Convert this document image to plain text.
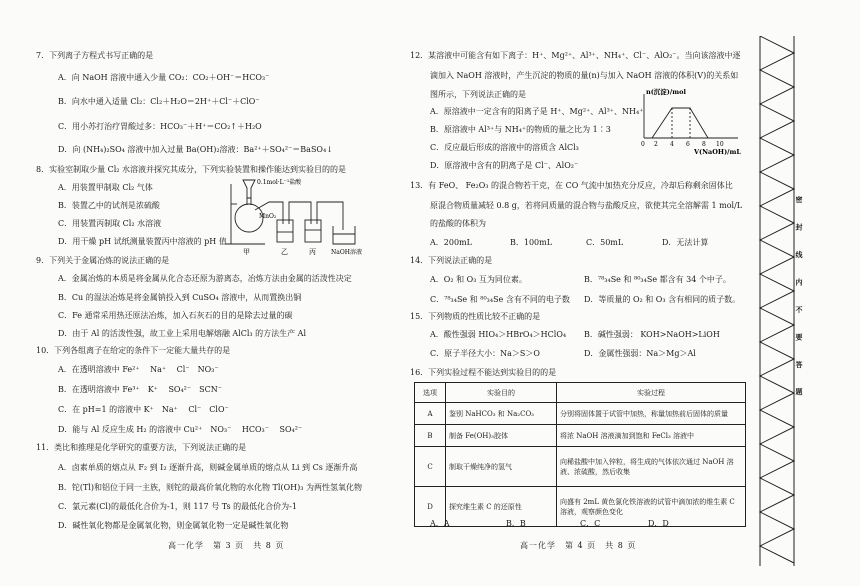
7．下列离子方程式书写正确的是
A．向 NaOH 溶液中通入少量 CO₂：CO₂＋OH⁻＝HCO₃⁻
B．向水中通入适量 Cl₂：Cl₂＋H₂O＝2H⁺＋Cl⁻＋ClO⁻
C．用小苏打治疗胃酸过多：HCO₃⁻＋H⁺＝CO₂↑＋H₂O
D．向 (NH₄)₂SO₄ 溶液中加入过量 Ba(OH)₂溶液：Ba²⁺＋SO₄²⁻＝BaSO₄↓
8．实验室制取少量 Cl₂ 水溶液并探究其成分，下列实验装置和操作能达到实验目的的是
A．用装置甲制取 Cl₂ 气体
B．装置乙中的试剂是浓硫酸
C．用装置丙制取 Cl₂ 水溶液
D．用干燥 pH 试纸测量装置丙中溶液的 pH 值
0.1mol·L⁻¹盐酸
MnO₂
甲	乙	丙	NaOH溶液
9．下列关于金属冶炼的说法正确的是
A．金属冶炼的本质是将金属从化合态还原为游离态，冶炼方法由金属的活泼性决定
B．Cu 的湿法冶炼是将金属钠投入到 CuSO₄ 溶液中，从而置换出铜
C．Fe 通常采用热还原法冶炼，加入石灰石的目的是除去过量的碳
D．由于 Al 的活泼性强，故工业上采用电解熔融 AlCl₃ 的方法生产 Al
10．下列各组离子在给定的条件下一定能大量共存的是
A．在透明溶液中 Fe²⁺　 Na⁺　 Cl⁻　NO₃⁻
B．在透明溶液中 Fe³⁺　K⁺　 SO₄²⁻　SCN⁻
C．在 pH=1 的溶液中 K⁺　Na⁺　 Cl⁻　ClO⁻
D．能与 Al 反应生成 H₂ 的溶液中 Cu²⁺　NO₃⁻　 HCO₃⁻　 SO₄²⁻
11．类比和推理是化学研究的重要方法，下列说法正确的是
A．卤素单质的熔点从 F₂ 到 I₂ 逐渐升高，则碱金属单质的熔点从 Li 到 Cs 逐渐升高
B．铊(Tl)和铝位于同一主族，则铊的最高价氧化物的水化物 Tl(OH)₃ 为两性氢氧化物
C．氯元素(Cl)的最低化合价为-1，则 117 号 Ts 的最低化合价为-1
D．碱性氧化物都是金属氧化物，则金属氧化物一定是碱性氧化物
高一化学　第 3 页　共 8 页
12．某溶液中可能含有如下离子：H⁺、Mg²⁺、Al³⁺、NH₄⁺、Cl⁻、AlO₂⁻。当向该溶液中逐
滴加入 NaOH 溶液时，产生沉淀的物质的量(n)与加入 NaOH 溶液的体积(V)的关系如
图所示，下列说法正确的是
A．原溶液中一定含有的阳离子是 H⁺、Mg²⁺、Al³⁺、NH₄⁺
B．原溶液中 Al³⁺与 NH₄⁺的物质的量之比为 1∶3
C．反应最后形成的溶液中的溶质含 AlCl₃
D．原溶液中含有的阴离子是 Cl⁻、AlO₂⁻
n(沉淀)/mol
V(NaOH)/mL
0 2 4 6 8 10
13．有 FeO、 Fe₂O₃ 的混合物若干克，在 CO 气流中加热充分反应，冷却后称剩余固体比
原混合物质量减轻 0.8 g，若将同质量的混合物与盐酸反应，欲使其完全溶解需 1 mol/L
的盐酸的体积为
A．200mL	B．100mL	C．50mL	D．无法计算
14．下列说法正确的是
A．O₂ 和 O₃ 互为同位素。	B．⁷⁸₃₄Se 和 ⁸⁰₃₄Se 都含有 34 个中子。
C．⁷⁸₃₄Se 和 ⁸⁰₃₄Se 含有不同的电子数 D．等质量的 O₂ 和 O₃ 含有相同的质子数。
15．下列物质的性质比较不正确的是
A．酸性强弱 HIO₄＞HBrO₄＞HClO₄ B．碱性强弱： KOH>NaOH>LiOH
C．原子半径大小：Na＞S＞O	D．金属性强弱：Na＞Mg＞Al
16．下列实验过程不能达到实验目的的是
选项	实验目的	实验过程
A	鉴别 NaHCO₃ 和 Na₂CO₃	分别将固体置于试管中加热，称量加热前后固体的质量
B	制备 Fe(OH)₃胶体	将浓 NaOH 溶液滴加到饱和 FeCl₃ 溶液中
C	制取干燥纯净的氢气	向稀盐酸中加入锌粒，将生成的气体依次通过 NaOH 溶液、浓硫酸，然后收集
D	探究维生素 C 的还原性	向盛有 2mL 黄色氯化铁溶液的试管中滴加浓的维生素 C 溶液，观察颜色变化
A．A	B．B	C．C	D．D
高一化学　第 4 页　共 8 页
密 封 线 内 不 要 答 题
